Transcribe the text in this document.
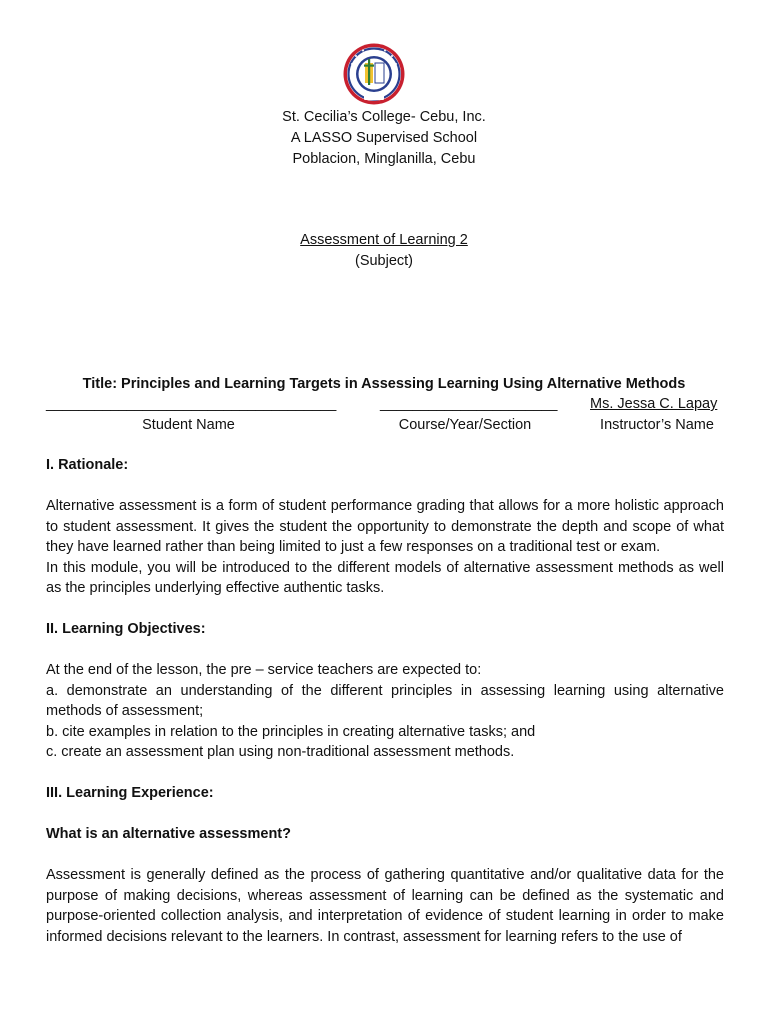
St. Cecilia’s College- Cebu, Inc.
A LASSO Supervised School
Poblacion, Minglanilla, Cebu
Assessment of Learning 2
(Subject)
Title: Principles and Learning Targets in Assessing Learning Using Alternative Methods
____________________________________	______________________ Ms. Jessa C. Lapay
Student Name	Course/Year/Section	Instructor’s Name

I. Rationale:

Alternative assessment is a form of student performance grading that allows for a more holistic approach to student assessment. It gives the student the opportunity to demonstrate the depth and scope of what they have learned rather than being limited to just a few responses on a traditional test or exam.

In this module, you will be introduced to the different models of alternative assessment methods as well as the principles underlying effective authentic tasks.

II. Learning Objectives:

At the end of the lesson, the pre – service teachers are expected to:

a. demonstrate an understanding of the different principles in assessing learning using alternative methods of assessment;

b. cite examples in relation to the principles in creating alternative tasks; and

c. create an assessment plan using non-traditional assessment methods.

III. Learning Experience:

What is an alternative assessment?

Assessment is generally defined as the process of gathering quantitative and/or qualitative data for the purpose of making decisions, whereas assessment of learning can be defined as the systematic and purpose-oriented collection analysis, and interpretation of evidence of student learning in order to make informed decisions relevant to the learners. In contrast, assessment for learning refers to the use of
